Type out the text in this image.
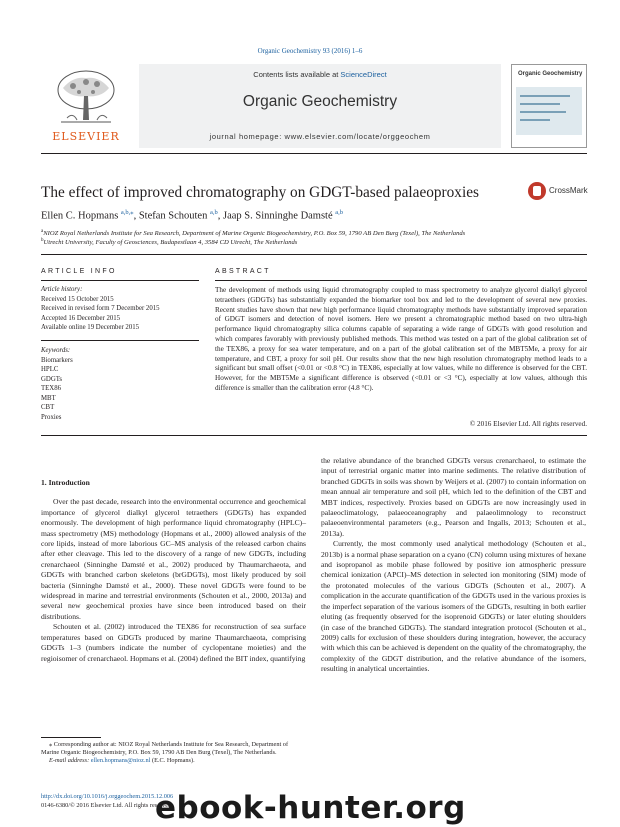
Organic Geochemistry 93 (2016) 1–6
ELSEVIER
Contents lists available at ScienceDirect
Organic Geochemistry
journal homepage: www.elsevier.com/locate/orggeochem
Organic Geochemistry
The effect of improved chromatography on GDGT-based palaeoproxies	CrossMark
Ellen C. Hopmans $^{a,b,⁎}$, Stefan Schouten $^{a,b}$, Jaap S. Sinninghe Damsté $^{a,b}$
$^a$NIOZ Royal Netherlands Institute for Sea Research, Department of Marine Organic Biogeochemistry, P.O. Box 59, 1790 AB Den Burg (Texel), The Netherlands
$^b$Utrecht University, Faculty of Geosciences, Budapestlaan 4, 3584 CD Utrecht, The Netherlands
ARTICLE INFO	ABSTRACT
Article history:
Received 15 October 2015
Received in revised form 7 December 2015
Accepted 16 December 2015
Available online 19 December 2015
Keywords:
Biomarkers
HPLC
GDGTs
TEX86
MBT
CBT
Proxies
The development of methods using liquid chromatography coupled to mass spectrometry to analyze glycerol dialkyl glycerol tetraethers (GDGTs) has substantially expanded the biomarker tool box and led to the development of several new proxies. Recent studies have shown that new high performance liquid chromatography methods have substantially improved separation of GDGT isomers and detection of novel isomers. Here we present a chromatographic method based on two ultra-high performance liquid chromatography silica columns capable of separating a wide range of GDGTs with good resolution and which compares favorably with previously published methods. This method was tested on a part of the global calibration set of the TEX86, a proxy for sea water temperature, and on a part of the global calibration set of the MBT5Me, a proxy for air temperature, and CBT, a proxy for soil pH. Our results show that the new high resolution chromatography method leads to a significant but small offset (<0.01 or <0.8 °C) in TEX86, especially at low values, while no difference is observed for the CBT. However, for the MBT5Me a significant difference is observed (<0.01 or <3 °C), especially at low values, although this difference is smaller than the calibration error (4.8 °C).
© 2016 Elsevier Ltd. All rights reserved.
1. Introduction

Over the past decade, research into the environmental occurrence and geochemical importance of glycerol dialkyl glycerol tetraethers (GDGTs) has expanded enormously. The development of high performance liquid chromatography (HPLC)–mass spectrometry (MS) methodology (Hopmans et al., 2000) allowed analysis of the core lipids, instead of more laborious GC–MS analysis of the released carbon chains after ether cleavage. This led to the discovery of a range of new GDGTs, including crenarchaeol (Sinninghe Damsté et al., 2002) produced by Thaumarchaeota, and GDGTs with branched carbon skeletons (brGDGTs), most likely produced by soil bacteria (Sinninghe Damsté et al., 2000). These novel GDGTs were found to be widespread in marine and terrestrial environments (Schouten et al., 2000, 2013a) and several new geochemical proxies have since been introduced based on their distributions.

Schouten et al. (2002) introduced the TEX86 for reconstruction of sea surface temperatures based on GDGTs produced by marine Thaumarchaeota, comprising GDGTs 1–3 (numbers indicate the number of cyclopentane moieties) and the regioisomer of crenarchaeol. Hopmans et al. (2004) defined the BIT index, quantifying

the relative abundance of the branched GDGTs versus crenarchaeol, to estimate the input of terrestrial organic matter into marine sediments. The relative distribution of branched GDGTs in soils was shown by Weijers et al. (2007) to contain information on mean annual air temperature and soil pH, which led to the definition of the CBT and MBT indices, respectively. Proxies based on GDGTs are now increasingly used in palaeoclimatology, palaeoceanography and palaeolimnology to reconstruct palaeoenvironmental parameters (e.g., Pearson and Ingalls, 2013; Schouten et al., 2013a).

Currently, the most commonly used analytical methodology (Schouten et al., 2013b) is a normal phase separation on a cyano (CN) column using mixtures of hexane and isopropanol as mobile phase followed by positive ion atmospheric pressure chemical ionization (APCI)–MS detection in selected ion monitoring (SIM) mode of the protonated molecules of the various GDGTs (Schouten et al., 2007). A complication in the accurate quantification of the GDGTs used in the various proxies is the imperfect separation of the various isomers of the GDGTs, resulting in both earlier eluting (as frequently observed for the isoprenoid GDGTs) or later eluting shoulders (in case of the branched GDGTs). The standard integration protocol (Schouten et al., 2009) calls for exclusion of these shoulders during integration, however, the accuracy with which this can be achieved is dependent on the quality of the chromatography, the complexity of the GDGT distribution, and the relative abundance of the isomers, resulting in analytical uncertainties.

⁎ Corresponding author at: NIOZ Royal Netherlands Institute for Sea Research, Department of Marine Organic Biogeochemistry, P.O. Box 59, 1790 AB Den Burg (Texel), The Netherlands.

E-mail address: ellen.hopmans@nioz.nl (E.C. Hopmans).

http://dx.doi.org/10.1016/j.orggeochem.2015.12.006
0146-6380/© 2016 Elsevier Ltd. All rights reserved.
ebook-hunter.org
